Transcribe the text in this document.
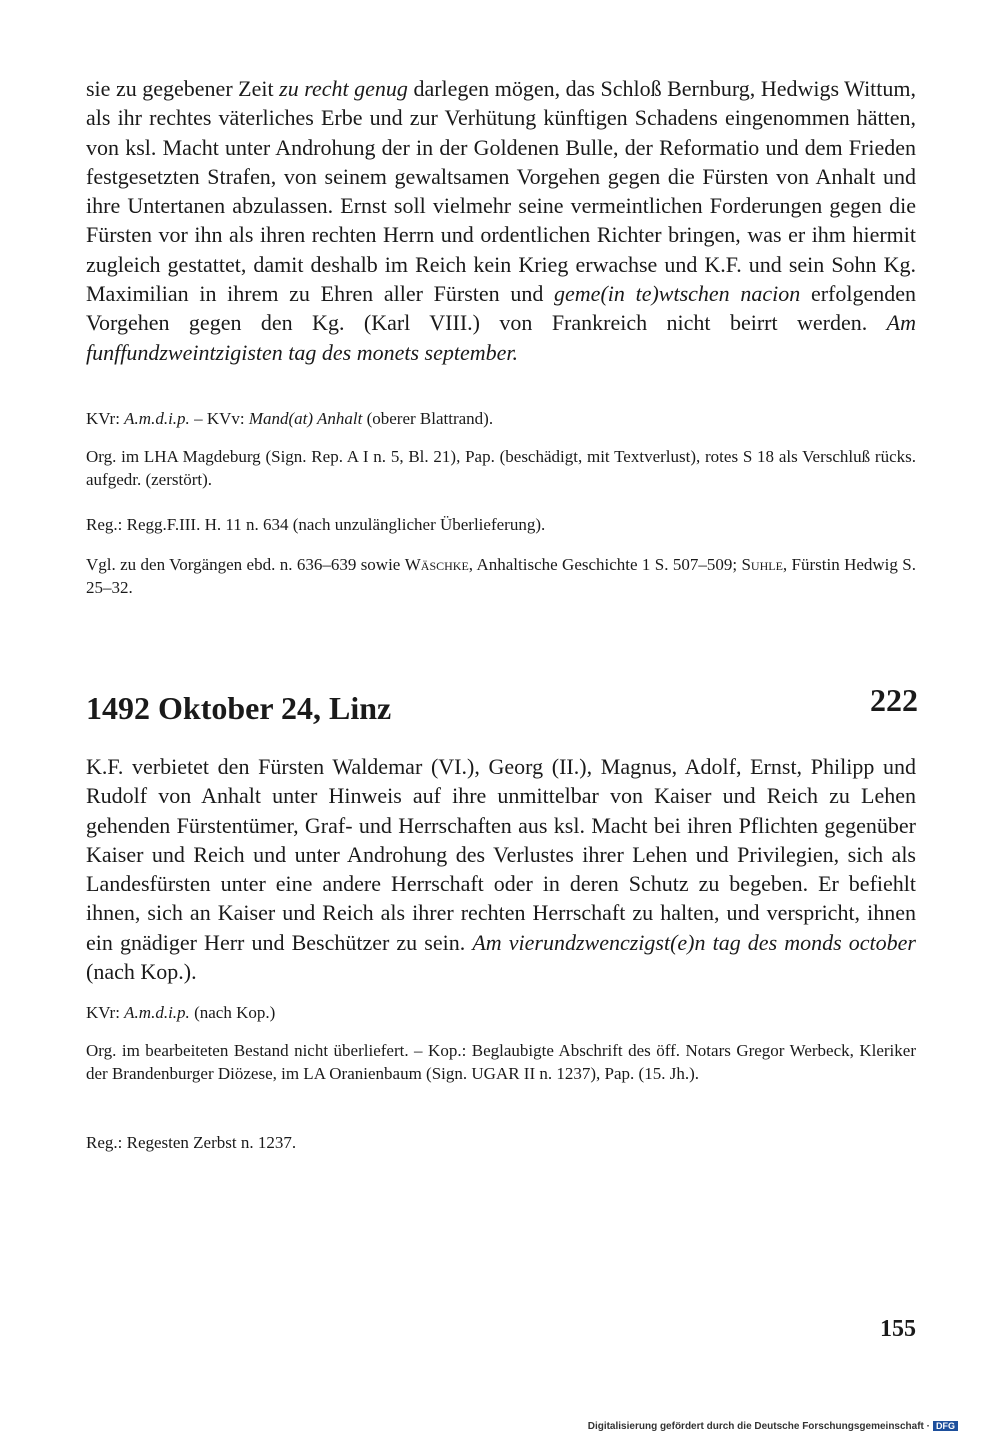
sie zu gegebener Zeit zu recht genug darlegen mögen, das Schloß Bernburg, Hedwigs Wittum, als ihr rechtes väterliches Erbe und zur Verhütung künftigen Schadens eingenommen hätten, von ksl. Macht unter Androhung der in der Goldenen Bulle, der Reformatio und dem Frieden festgesetzten Strafen, von seinem gewaltsamen Vorgehen gegen die Fürsten von Anhalt und ihre Untertanen abzulassen. Ernst soll vielmehr seine vermeintlichen Forderungen gegen die Fürsten vor ihn als ihren rechten Herrn und ordentlichen Richter bringen, was er ihm hiermit zugleich gestattet, damit deshalb im Reich kein Krieg erwachse und K.F. und sein Sohn Kg. Maximilian in ihrem zu Ehren aller Fürsten und geme(in te)wtschen nacion erfolgenden Vorgehen gegen den Kg. (Karl VIII.) von Frankreich nicht beirrt werden. Am funffundzweintzigisten tag des monets september.

KVr: A.m.d.i.p. – KVv: Mand(at) Anhalt (oberer Blattrand).

Org. im LHA Magdeburg (Sign. Rep. A I n. 5, Bl. 21), Pap. (beschädigt, mit Textverlust), rotes S 18 als Verschluß rücks. aufgedr. (zerstört).

Reg.: Regg.F.III. H. 11 n. 634 (nach unzulänglicher Überlieferung).

Vgl. zu den Vorgängen ebd. n. 636–639 sowie Wäschke, Anhaltische Geschichte 1 S. 507–509; Suhle, Fürstin Hedwig S. 25–32.

1492 Oktober 24, Linz	222

K.F. verbietet den Fürsten Waldemar (VI.), Georg (II.), Magnus, Adolf, Ernst, Philipp und Rudolf von Anhalt unter Hinweis auf ihre unmittelbar von Kaiser und Reich zu Lehen gehenden Fürstentümer, Graf- und Herrschaften aus ksl. Macht bei ihren Pflichten gegenüber Kaiser und Reich und unter Androhung des Verlustes ihrer Lehen und Privilegien, sich als Landesfürsten unter eine andere Herrschaft oder in deren Schutz zu begeben. Er befiehlt ihnen, sich an Kaiser und Reich als ihrer rechten Herrschaft zu halten, und verspricht, ihnen ein gnädiger Herr und Beschützer zu sein. Am vierundzwenczigst(e)n tag des monds october (nach Kop.).

KVr: A.m.d.i.p. (nach Kop.)

Org. im bearbeiteten Bestand nicht überliefert. – Kop.: Beglaubigte Abschrift des öff. Notars Gregor Werbeck, Kleriker der Brandenburger Diözese, im LA Oranienbaum (Sign. UGAR II n. 1237), Pap. (15. Jh.).

Reg.: Regesten Zerbst n. 1237.

155
Digitalisierung gefördert durch die Deutsche Forschungsgemeinschaft · DFG
